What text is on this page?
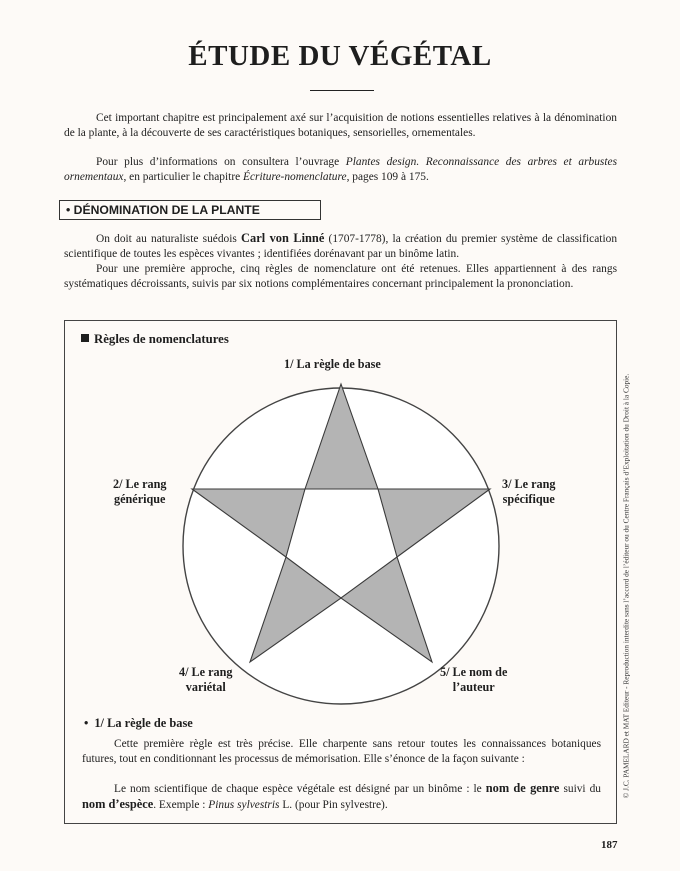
ÉTUDE DU VÉGÉTAL

Cet important chapitre est principalement axé sur l’acquisition de notions essentielles relatives à la dénomination de la plante, à la découverte de ses caractéristiques botaniques, sensorielles, ornementales.

Pour plus d’informations on consultera l’ouvrage Plantes design. Reconnaissance des arbres et arbustes ornementaux, en particulier le chapitre Écriture-nomenclature, pages 109 à 175.

• DÉNOMINATION DE LA PLANTE

On doit au naturaliste suédois Carl von Linné (1707-1778), la création du premier système de classification scientifique de toutes les espèces vivantes ; identifiées dorénavant par un binôme latin.

Pour une première approche, cinq règles de nomenclature ont été retenues. Elles appartiennent à des rangs systématiques décroissants, suivis par six notions complémentaires concernant principalement la prononciation.

Règles de nomenclatures
1/ La règle de base
2/ Le rang
générique
3/ Le rang
spécifique
4/ Le rang
variétal
5/ Le nom de
l’auteur
• 1/ La règle de base

Cette première règle est très précise. Elle charpente sans retour toutes les connaissances botaniques futures, tout en conditionnant les processus de mémorisation. Elle s’énonce de la façon suivante :

Le nom scientifique de chaque espèce végétale est désigné par un binôme : le nom de genre suivi du nom d’espèce. Exemple : Pinus sylvestris L. (pour Pin sylvestre).

© J.C. PAMELARD et MAT Editeur - Reproduction interdite sans l’accord de l’éditeur ou du Centre Français d’Exploitation du Droit à la Copie.
187
